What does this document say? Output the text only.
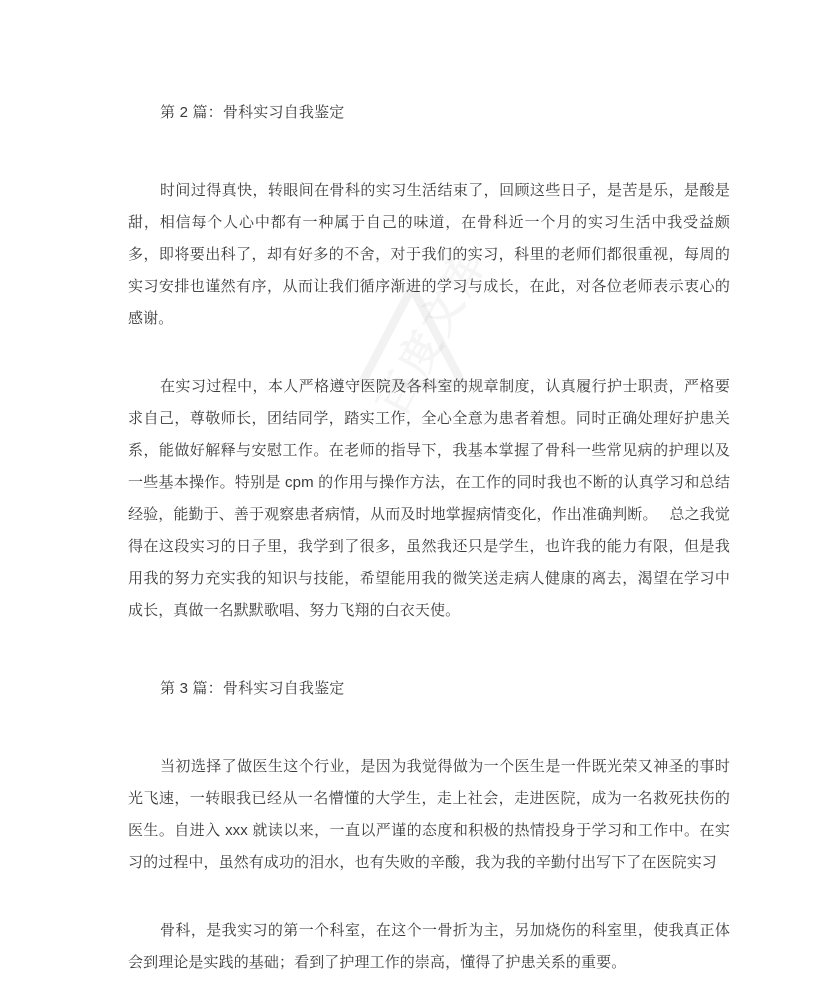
第 2 篇：骨科实习自我鉴定

时间过得真快，转眼间在骨科的实习生活结束了，回顾这些日子，是苦是乐，是酸是甜，相信每个人心中都有一种属于自己的味道，在骨科近一个月的实习生活中我受益颇多，即将要出科了，却有好多的不舍，对于我们的实习，科里的老师们都很重视，每周的实习安排也谨然有序，从而让我们循序渐进的学习与成长，在此，对各位老师表示衷心的感谢。

在实习过程中，本人严格遵守医院及各科室的规章制度，认真履行护士职责，严格要求自己，尊敬师长，团结同学，踏实工作，全心全意为患者着想。同时正确处理好护患关系，能做好解释与安慰工作。在老师的指导下，我基本掌握了骨科一些常见病的护理以及一些基本操作。特别是 cpm 的作用与操作方法，在工作的同时我也不断的认真学习和总结经验，能勤于、善于观察患者病情，从而及时地掌握病情变化，作出准确判断。　 总之我觉得在这段实习的日子里，我学到了很多，虽然我还只是学生，也许我的能力有限，但是我用我的努力充实我的知识与技能，希望能用我的微笑送走病人健康的离去，渴望在学习中成长，真做一名默默歌唱、努力飞翔的白衣天使。

第 3 篇：骨科实习自我鉴定

当初选择了做医生这个行业，是因为我觉得做为一个医生是一件既光荣又神圣的事时光飞速，一转眼我已经从一名懵懂的大学生，走上社会，走进医院，成为一名救死扶伤的医生。自进入 xxx 就读以来，一直以严谨的态度和积极的热情投身于学习和工作中。在实习的过程中，虽然有成功的泪水，也有失败的辛酸，我为我的辛勤付出写下了在医院实习

骨科，是我实习的第一个科室，在这个一骨折为主，另加烧伤的科室里，使我真正体会到理论是实践的基础；看到了护理工作的崇高，懂得了护患关系的重要。
